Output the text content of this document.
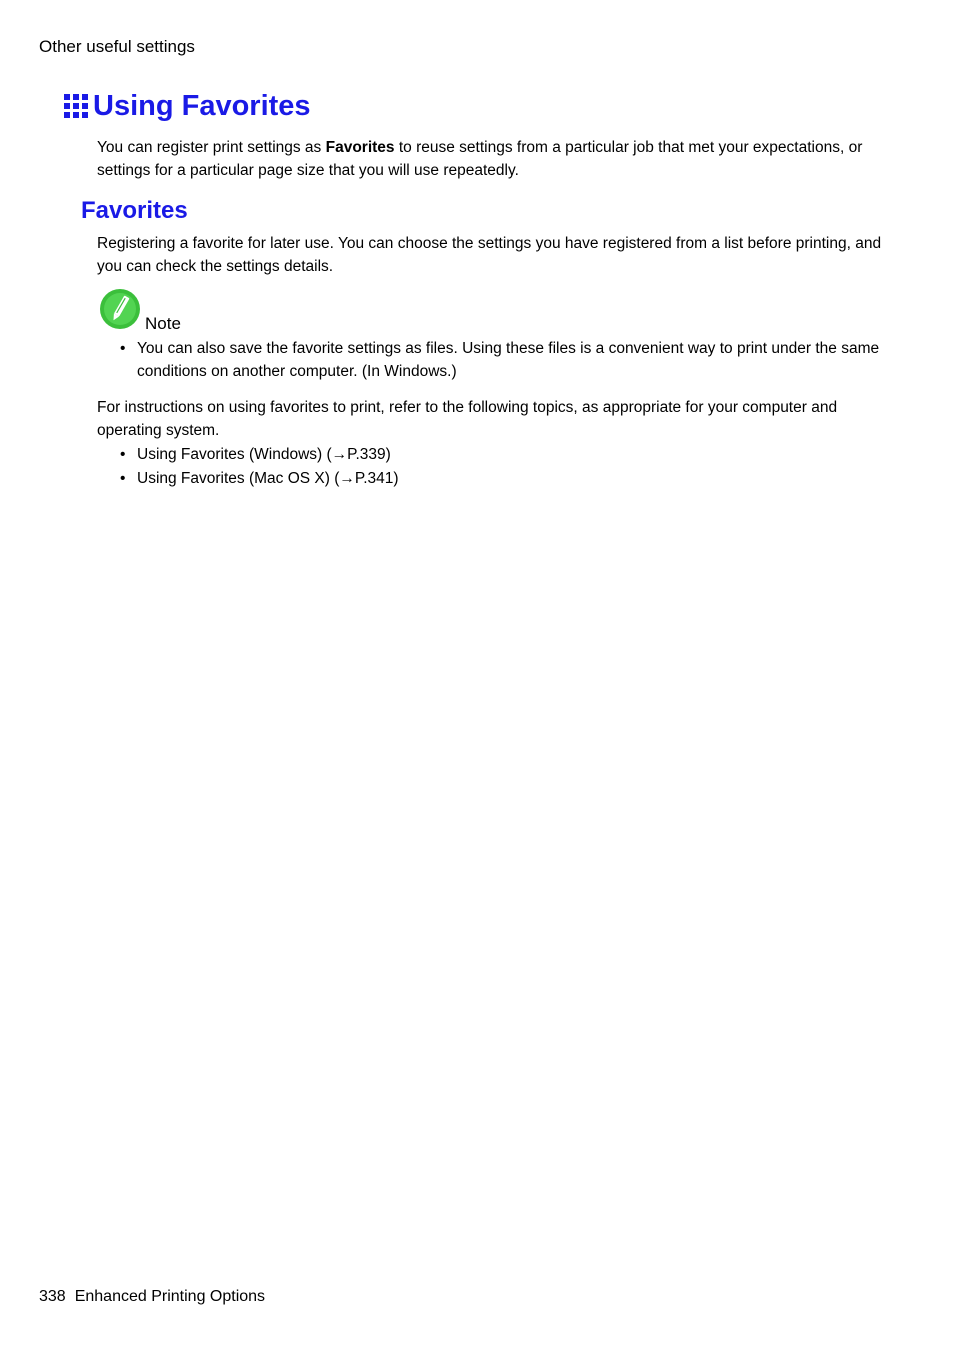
Other useful settings
Using Favorites
You can register print settings as Favorites to reuse settings from a particular job that met your expectations, or settings for a particular page size that you will use repeatedly.
Favorites
Registering a favorite for later use. You can choose the settings you have registered from a list before printing, and you can check the settings details.
Note
• You can also save the favorite settings as files. Using these files is a convenient way to print under the same conditions on another computer. (In Windows.)
For instructions on using favorites to print, refer to the following topics, as appropriate for your computer and operating system.
• Using Favorites (Windows) (→P.339)
• Using Favorites (Mac OS X) (→P.341)
338 Enhanced Printing Options
